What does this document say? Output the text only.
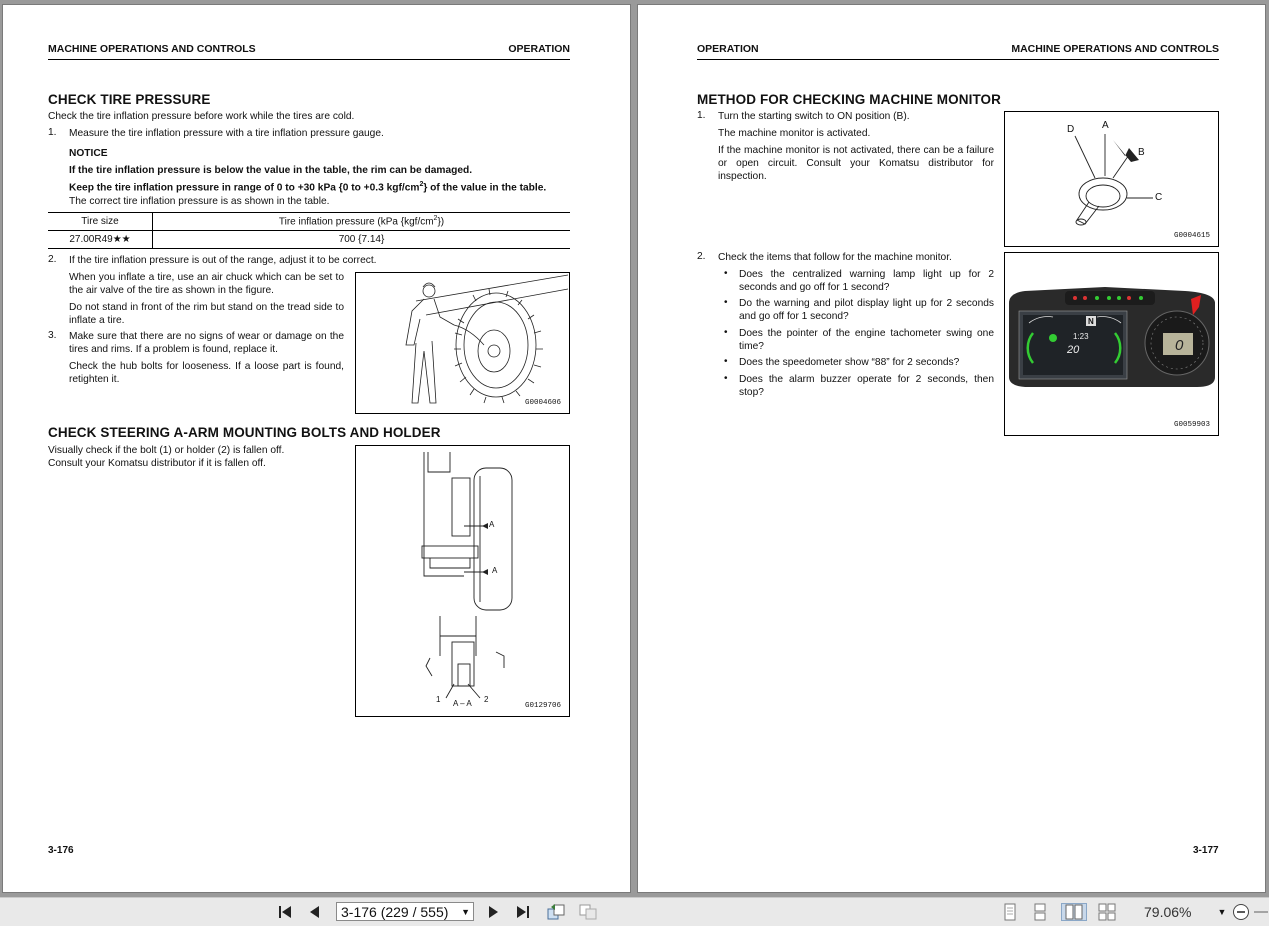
MACHINE OPERATIONS AND CONTROLS	OPERATION
CHECK TIRE PRESSURE
Check the tire inflation pressure before work while the tires are cold.
1. Measure the tire inflation pressure with a tire inflation pressure gauge.
NOTICE
If the tire inflation pressure is below the value in the table, the rim can be damaged.
Keep the tire inflation pressure in range of 0 to +30 kPa {0 to +0.3 kgf/$cm^2$} of the value in the table.
The correct tire inflation pressure is as shown in the table.
Tire size	Tire inflation pressure (kPa $\{kgf/cm^2\}$)
27.00R49★★	700 {7.14}
2. If the tire inflation pressure is out of the range, adjust it to be correct.
When you inflate a tire, use an air chuck which can be set to the air valve of the tire as shown in the figure.
Do not stand in front of the rim but stand on the tread side to inflate a tire.
3. Make sure that there are no signs of wear or damage on the tires and rims. If a problem is found, replace it.
Check the hub bolts for looseness. If a loose part is found, retighten it.
G0004606
CHECK STEERING A-ARM MOUNTING BOLTS AND HOLDER
Visually check if the bolt (1) or holder (2) is fallen off.
Consult your Komatsu distributor if it is fallen off.
A
A
1	2
A – A	G0129706
3-176
OPERATION	MACHINE OPERATIONS AND CONTROLS
METHOD FOR CHECKING MACHINE MONITOR
1. Turn the starting switch to ON position (B).
The machine monitor is activated.
If the machine monitor is not activated, there can be a failure or open circuit. Consult your Komatsu distributor for inspection.
A
B
C
D
G0004615
2. Check the items that follow for the machine monitor.
• Does the centralized warning lamp light up for 2 seconds and go off for 1 second?
• Do the warning and pilot display light up for 2 seconds and go off for 1 second?
• Does the pointer of the engine tachometer swing one time?
• Does the speedometer show “88” for 2 seconds?
• Does the alarm buzzer operate for 2 seconds, then stop?
1:23
N
20	0
G0059903
3-177
3-176 (229 / 555) ▼	79.06%	▼
